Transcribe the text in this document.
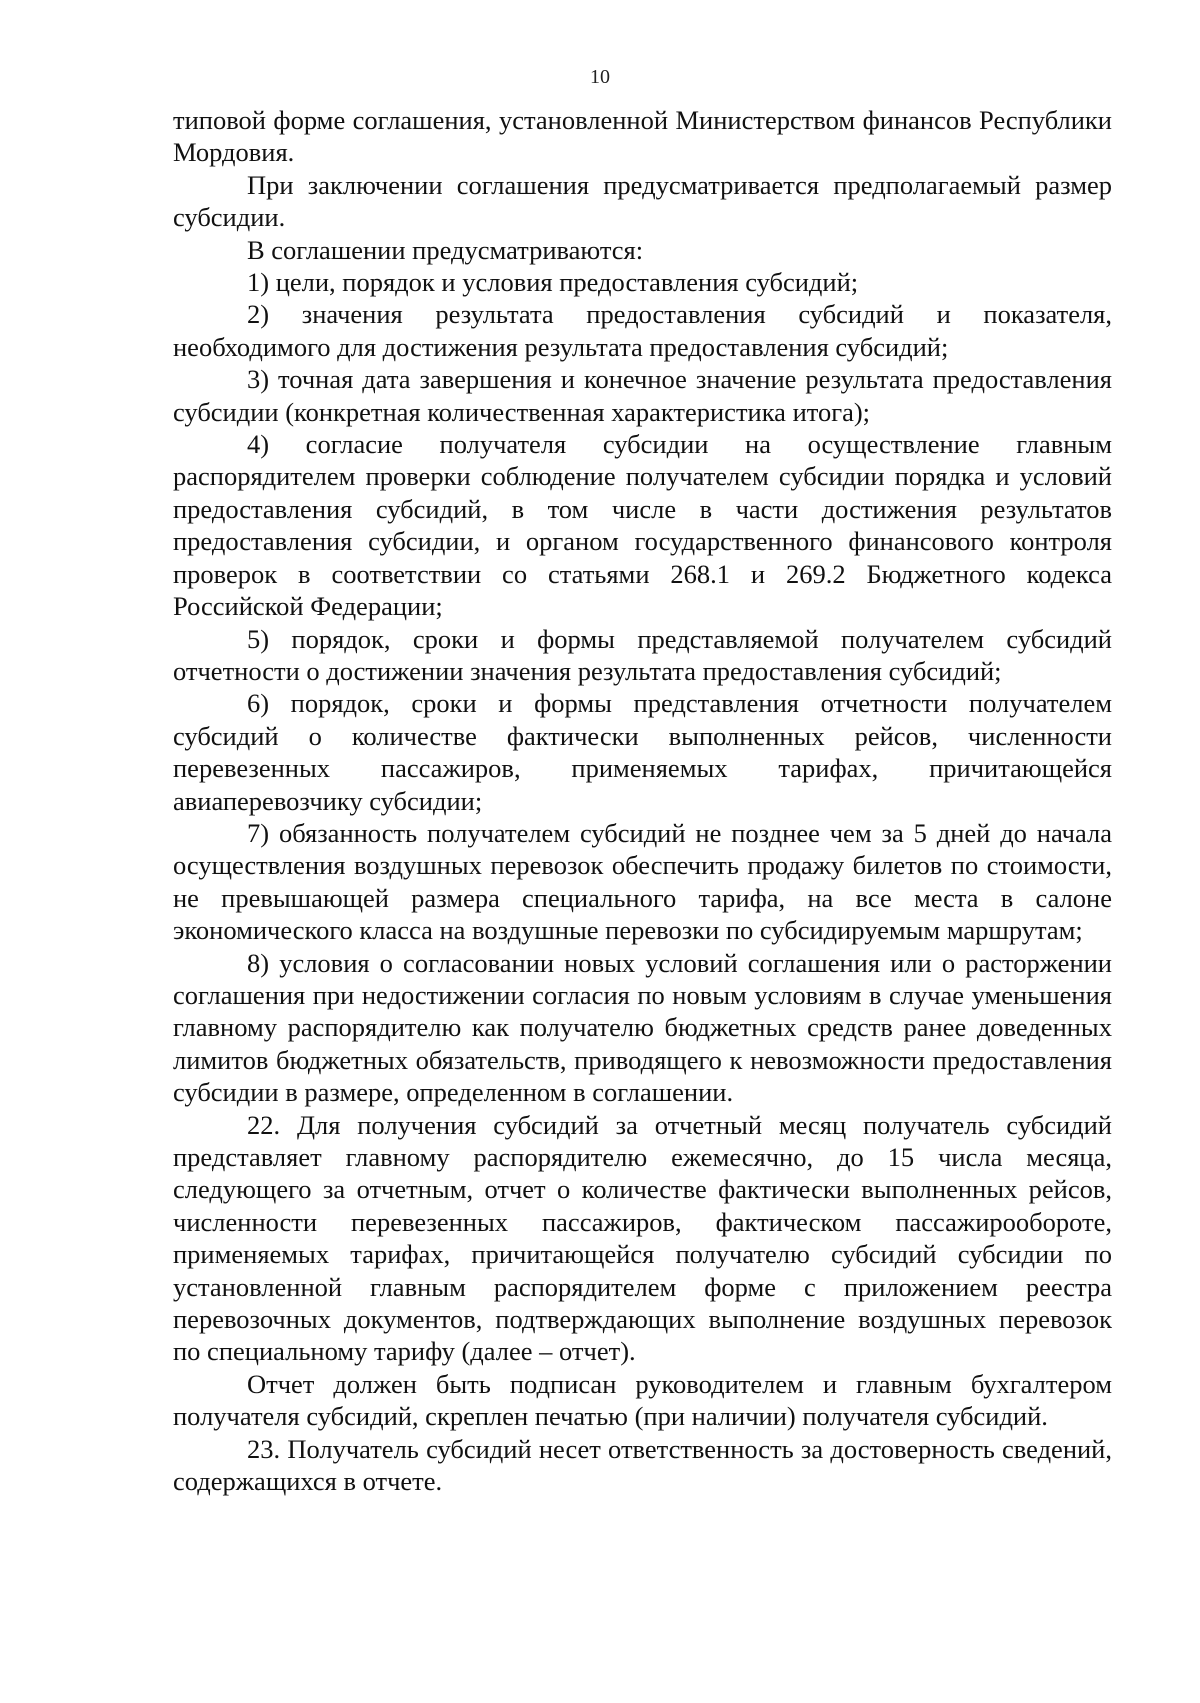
10

типовой форме соглашения, установленной Министерством финансов Республики Мордовия.

При заключении соглашения предусматривается предполагаемый размер субсидии.

В соглашении предусматриваются:

1) цели, порядок и условия предоставления субсидий;

2) значения результата предоставления субсидий и показателя, необходимого для достижения результата предоставления субсидий;

3) точная дата завершения и конечное значение результата предоставления субсидии (конкретная количественная характеристика итога);

4) согласие получателя субсидии на осуществление главным распорядителем проверки соблюдение получателем субсидии порядка и условий предоставления субсидий, в том числе в части достижения результатов предоставления субсидии, и органом государственного финансового контроля проверок в соответствии со статьями 268.1 и 269.2 Бюджетного кодекса Российской Федерации;

5) порядок, сроки и формы представляемой получателем субсидий отчетности о достижении значения результата предоставления субсидий;

6) порядок, сроки и формы представления отчетности получателем субсидий о количестве фактически выполненных рейсов, численности перевезенных пассажиров, применяемых тарифах, причитающейся авиаперевозчику субсидии;

7) обязанность получателем субсидий не позднее чем за 5 дней до начала осуществления воздушных перевозок обеспечить продажу билетов по стоимости, не превышающей размера специального тарифа, на все места в салоне экономического класса на воздушные перевозки по субсидируемым маршрутам;

8) условия о согласовании новых условий соглашения или о расторжении соглашения при недостижении согласия по новым условиям в случае уменьшения главному распорядителю как получателю бюджетных средств ранее доведенных лимитов бюджетных обязательств, приводящего к невозможности предоставления субсидии в размере, определенном в соглашении.

22. Для получения субсидий за отчетный месяц получатель субсидий представляет главному распорядителю ежемесячно, до 15 числа месяца, следующего за отчетным, отчет о количестве фактически выполненных рейсов, численности перевезенных пассажиров, фактическом пассажирообороте, применяемых тарифах, причитающейся получателю субсидий субсидии по установленной главным распорядителем форме с приложением реестра перевозочных документов, подтверждающих выполнение воздушных перевозок по специальному тарифу (далее – отчет).

Отчет должен быть подписан руководителем и главным бухгалтером получателя субсидий, скреплен печатью (при наличии) получателя субсидий.

23. Получатель субсидий несет ответственность за достоверность сведений, содержащихся в отчете.
